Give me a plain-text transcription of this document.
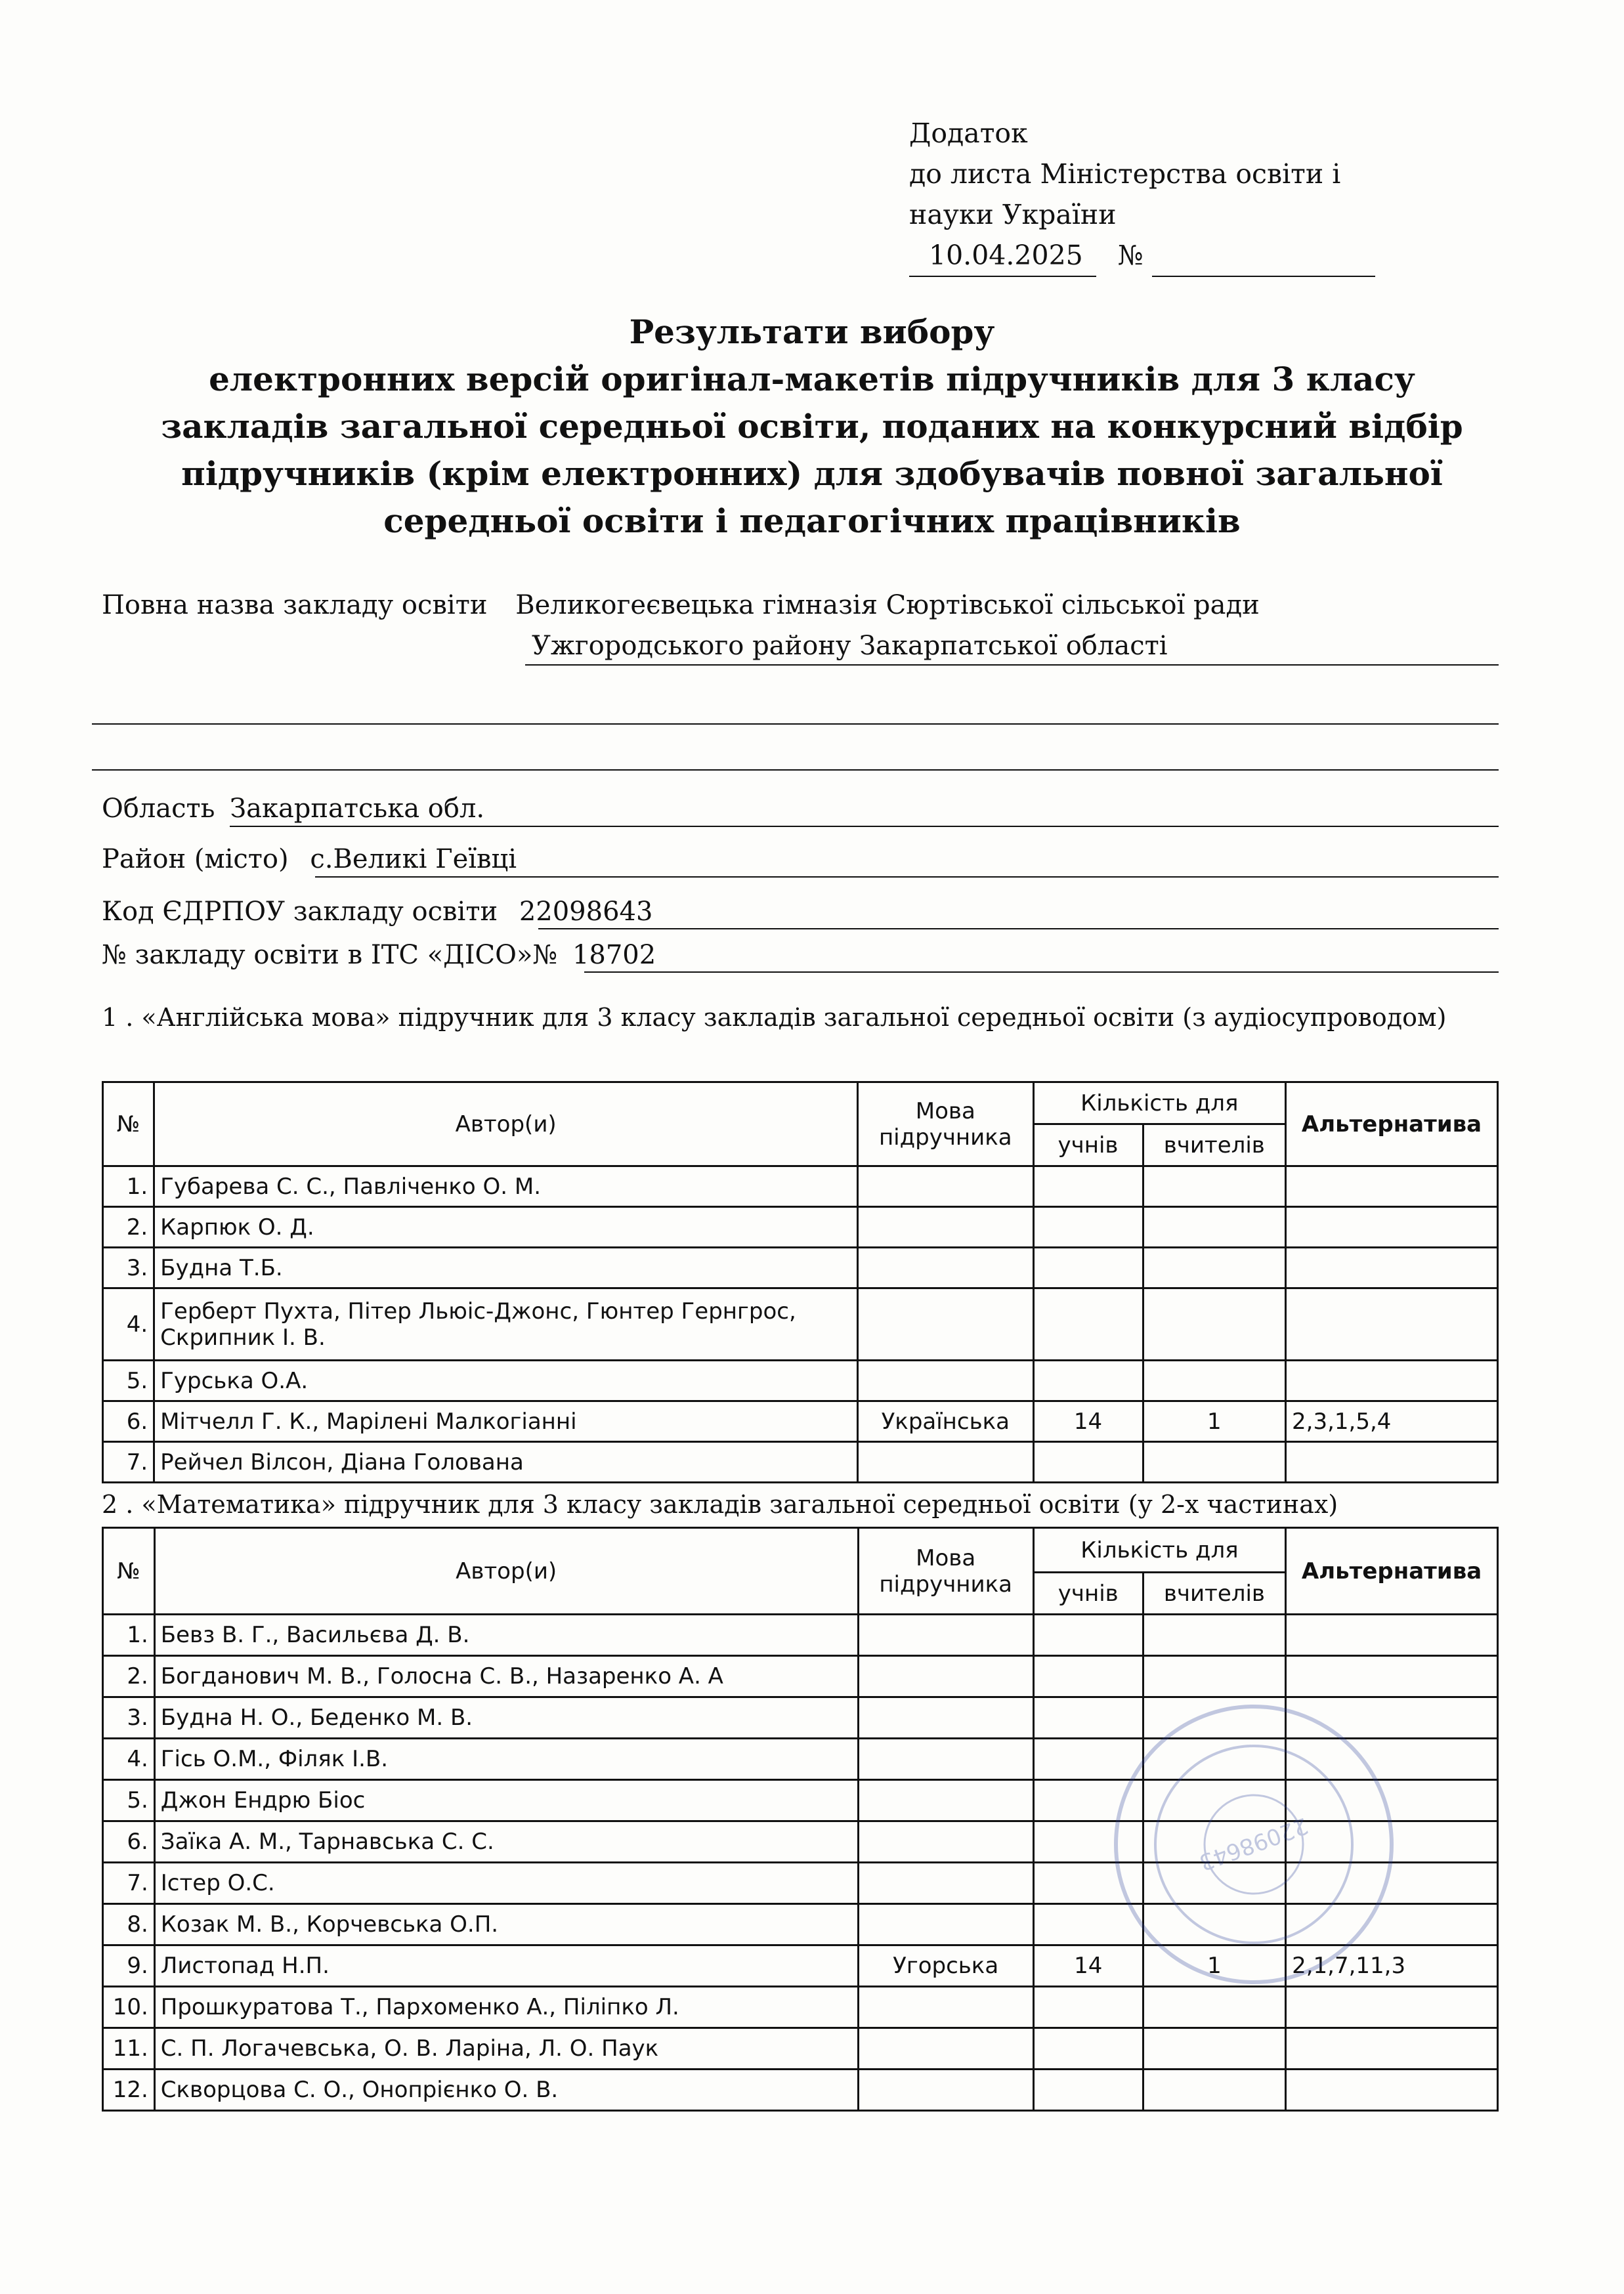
Додаток
до листа Міністерства освіти і
науки України
10.04.2025 №
Результати вибору
електронних версій оригінал-макетів підручників для 3 класу
закладів загальної середньої освіти, поданих на конкурсний відбір
підручників (крім електронних) для здобувачів повної загальної
середньої освіти і педагогічних працівників
Повна назва закладу освіти Великогеєвецька гімназія Сюртівської сільської ради
Ужгородського району Закарпатської області
Область Закарпатська обл.
Район (місто) с.Великі Геївці
Код ЄДРПОУ закладу освіти 22098643
№ закладу освіти в ІТС «ДІСО»№ 18702
1 . «Англійська мова» підручник для 3 класу закладів загальної середньої освіти (з аудіосупроводом)
№	Автор(и)	Мова підручника	Кількість для		Альтернатива
			учнів	вчителів	
1.	Губарева С. С., Павліченко О. М.				
2.	Карпюк О. Д.				
3.	Будна Т.Б.				
4.	Герберт Пухта, Пітер Льюіс-Джонс, Гюнтер Гернгрос, Скрипник І. В.				
5.	Гурська О.А.				
6.	Мітчелл Г. К., Марілені Малкогіанні	Українська	14	1	2,3,1,5,4
7.	Рейчел Вілсон, Діана Голована				
2 . «Математика» підручник для 3 класу закладів загальної середньої освіти (у 2-х частинах)
№	Автор(и)	Мова підручника	Кількість для		Альтернатива
			учнів	вчителів	
1.	Бевз В. Г., Васильєва Д. В.				
2.	Богданович М. В., Голосна С. В., Назаренко А. А				
3.	Будна Н. О., Беденко М. В.				
4.	Гісь О.М., Філяк І.В.				
5.	Джон Ендрю Біос				
6.	Заїка А. М., Тарнавська С. С.				
7.	Істер О.С.				
8.	Козак М. В., Корчевська О.П.				
9.	Листопад Н.П.	Угорська	14	1	2,1,7,11,3
10.	Прошкуратова Т., Пархоменко А., Піліпко Л.				
11.	С. П. Логачевська, О. В. Ларіна, Л. О. Паук				
12.	Скворцова С. О., Онопрієнко О. В.				
22098643
